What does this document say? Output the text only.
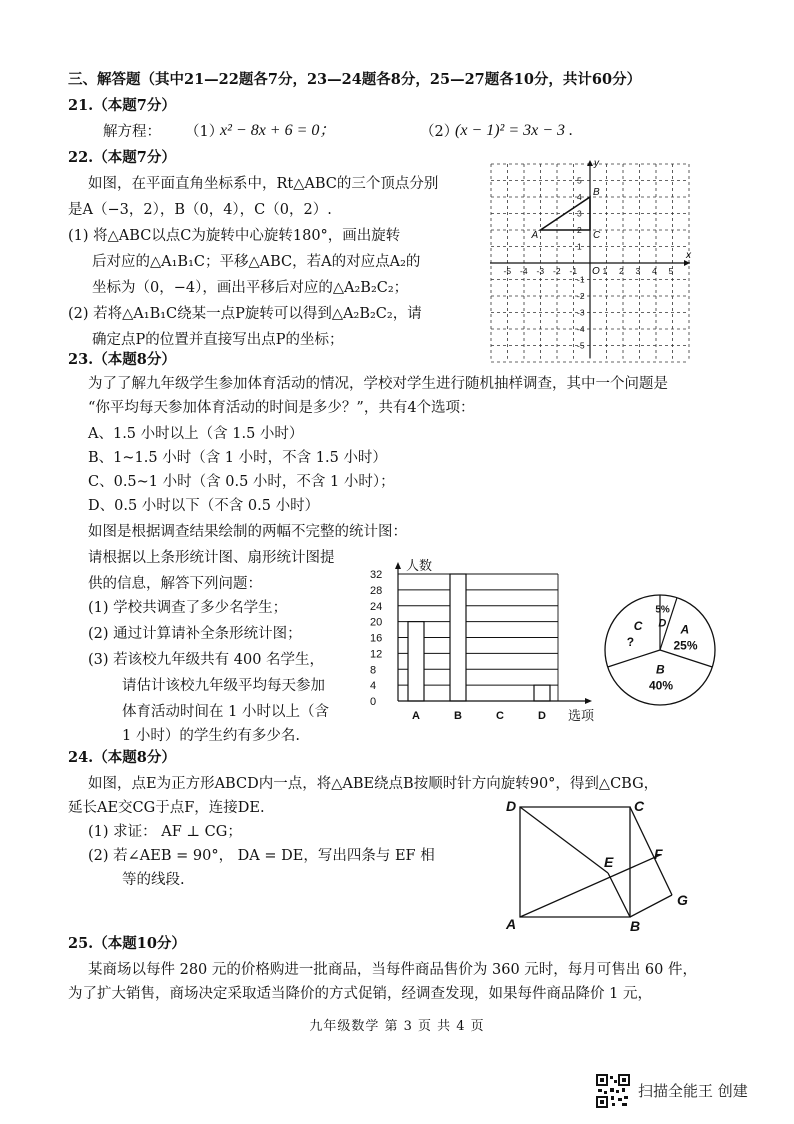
三、解答题（其中21—22题各7分，23—24题各8分，25—27题各10分，共计60分）
21.（本题7分）
解方程： （1）
x² − 8x + 6 = 0；	（2）
(x − 1)² = 3x − 3 .
22.（本题7分）
如图，在平面直角坐标系中，Rt△ABC的三个顶点分别
是A（−3，2），B（0，4），C（0，2）.
(1) 将△ABC以点C为旋转中心旋转180°，画出旋转
后对应的△A₁B₁C；平移△ABC，若A的对应点A₂的
坐标为（0，−4），画出平移后对应的△A₂B₂C₂；
(2) 若将△A₁B₁C绕某一点P旋转可以得到△A₂B₂C₂，请
确定点P的位置并直接写出点P的坐标；
x
y
O
-5 -4 -3 -2 -1	1 2 3 4 5
5
4
3
2
1
-1
-2
-3
-4
-5
A
B
C
23.（本题8分）
为了了解九年级学生参加体育活动的情况，学校对学生进行随机抽样调查，其中一个问题是
“你平均每天参加体育活动的时间是多少？”，共有4个选项：
A、1.5 小时以上（含 1.5 小时）
B、1~1.5 小时（含 1 小时，不含 1.5 小时）
C、0.5~1 小时（含 0.5 小时，不含 1 小时）；
D、0.5 小时以下（不含 0.5 小时）
如图是根据调查结果绘制的两幅不完整的统计图：
请根据以上条形统计图、扇形统计图提
供的信息，解答下列问题：
(1) 学校共调查了多少名学生；
(2) 通过计算请补全条形统计图；
(3) 若该校九年级共有 400 名学生，
请估计该校九年级平均每天参加
体育活动时间在 1 小时以上（含
1 小时）的学生约有多少名.
32
28
24
20
16
12
8
4
0
A	B	C	D
人数
选项
5%
D A
25%
B
40%
C
?
24.（本题8分）
如图，点E为正方形ABCD内一点，将△ABE绕点B按顺时针方向旋转90°，得到△CBG，
延长AE交CG于点F，连接DE.
(1) 求证： AF ⊥ CG；
(2) 若∠AEB = 90°， DA = DE，写出四条与 EF 相
等的线段.
D	C
A	B
E	F
G
25.（本题10分）
某商场以每件 280 元的价格购进一批商品，当每件商品售价为 360 元时，每月可售出 60 件，
为了扩大销售，商场决定采取适当降价的方式促销，经调查发现，如果每件商品降价 1 元，
九年级数学 第 3 页 共 4 页
扫描全能王 创建
